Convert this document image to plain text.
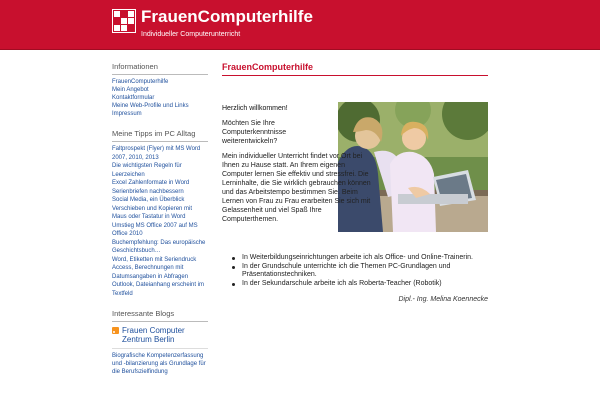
FrauenComputerhilfe
Individueller Computerunterricht
Informationen
FrauenComputerhilfe
Mein Angebot
Kontaktformular
Meine Web-Profile und Links
Impressum
Meine Tipps im PC Alltag
Faltprospekt (Flyer) mit MS Word 2007, 2010, 2013
Die wichtigsten Regeln für Leerzeichen
Excel Zahlenformate in Word Serienbriefen nachbessern
Social Media, ein Überblick
Verschieben und Kopieren mit Maus oder Tastatur in Word
Umstieg MS Office 2007 auf MS Office 2010
Buchempfehlung: Das europäische Geschichtsbuch…
Word, Etiketten mit Seriendruck
Access, Berechnungen mit Datumsangaben in Abfragen
Outlook, Dateianhang erscheint im Textfeld
Interessante Blogs
Frauen Computer Zentrum Berlin
Biografische Kompetenzerfassung und -bilanzierung als Grundlage für die Berufszielfindung
FrauenComputerhilfe

Herzlich willkommen!

Möchten Sie Ihre Computerkenntnisse weiterentwickeln?

Mein individueller Unterricht findet vor Ort bei Ihnen zu Hause statt. An Ihrem eigenen Computer lernen Sie effektiv und stressfrei. Die Lerninhalte, die Sie wirklich gebrauchen können und das Arbeitstempo bestimmen Sie. Beim Lernen von Frau zu Frau erarbeiten Sie sich mit Gelassenheit und viel Spaß Ihre Computerthemen.

In Weiterbildungseinrichtungen arbeite ich als Office- und Online-Trainerin.
In der Grundschule unterrichte ich die Themen PC-Grundlagen und Präsentationstechniken.
In der Sekundarschule arbeite ich als Roberta-Teacher (Robotik)
Dipl.- Ing. Melina Koennecke
